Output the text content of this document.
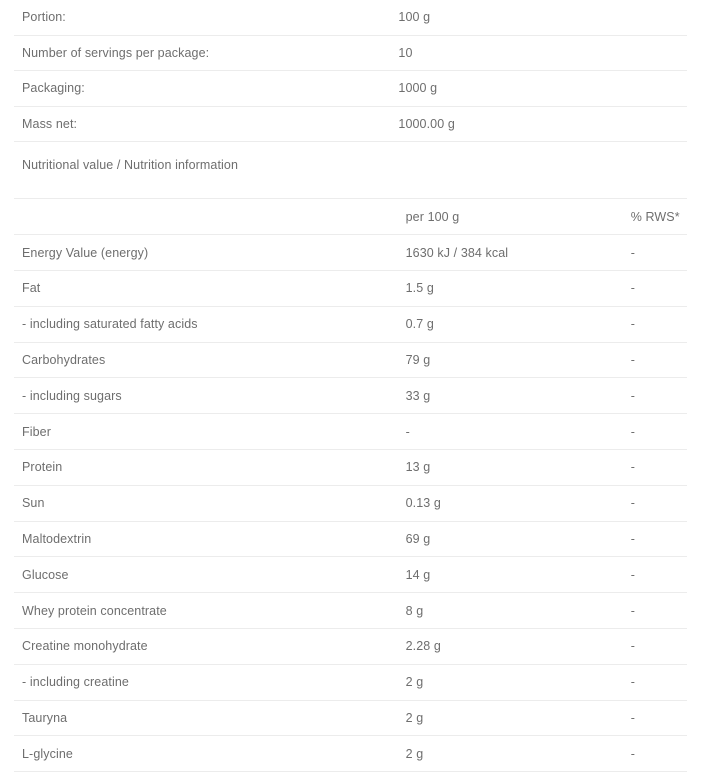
Portion:	100 g
Number of servings per package:	10
Packaging:	1000 g
Mass net:	1000.00 g
Nutritional value / Nutrition information	
	per 100 g	% RWS*
Energy Value (energy)	1630 kJ / 384 kcal	-
Fat	1.5 g	-
- including saturated fatty acids	0.7 g	-
Carbohydrates	79 g	-
- including sugars	33 g	-
Fiber	-	-
Protein	13 g	-
Sun	0.13 g	-
Maltodextrin	69 g	-
Glucose	14 g	-
Whey protein concentrate	8 g	-
Creatine monohydrate	2.28 g	-
- including creatine	2 g	-
Tauryna	2 g	-
L-glycine	2 g	-
